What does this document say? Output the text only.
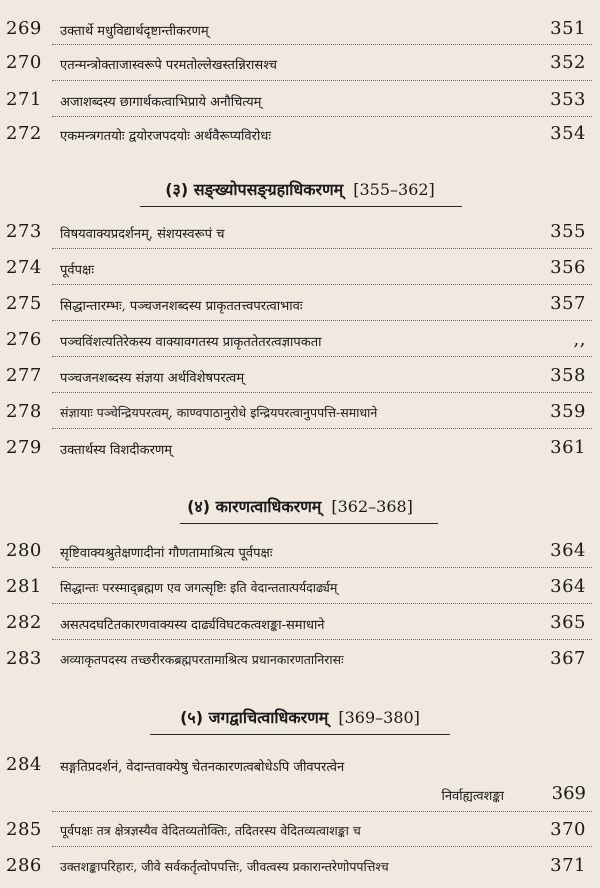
269 उक्तार्थे मधुविद्यार्थदृष्टान्तीकरणम्	351
270 एतन्मन्त्रोक्ताजास्वरूपे परमतोल्लेखस्तन्निरासश्च	352
271 अजाशब्दस्य छागार्थकत्वाभिप्राये अनौचित्यम्	353
272 एकमन्त्रगतयोः द्वयोरजपदयोः अर्थवैरूप्यविरोधः	354
(३) सङ्ख्योपसङ्ग्रहाधिकरणम् [355–362]
273 विषयवाक्यप्रदर्शनम्, संशयस्वरूपं च	355
274 पूर्वपक्षः	356
275 सिद्धान्तारम्भः, पञ्चजनशब्दस्य प्राकृततत्त्वपरत्वाभावः	357
276 पञ्चविंशत्यतिरेकस्य वाक्यावगतस्य प्राकृततेतरत्वज्ञापकता	,,
277 पञ्चजनशब्दस्य संज्ञया अर्थविशेषपरत्वम्	358
278 संज्ञायाः पञ्चेन्द्रियपरत्वम्, काण्वपाठानुरोधे इन्द्रियपरत्वानुपपत्ति-समाधाने	359
279 उक्तार्थस्य विशदीकरणम्	361
(४) कारणत्वाधिकरणम् [362–368]
280 सृष्टिवाक्यश्रुतेक्षणादीनां गौणतामाश्रित्य पूर्वपक्षः	364
281 सिद्धान्तः परस्माद्ब्रह्मण एव जगत्सृष्टिः इति वेदान्ततात्पर्यदार्ढ्यम्	364
282 असत्पदघटितकारणवाक्यस्य दार्ढ्यविघटकत्वशङ्का-समाधाने	365
283 अव्याकृतपदस्य तच्छरीरकब्रह्मपरतामाश्रित्य प्रधानकारणतानिरासः	367
(५) जगद्वाचित्वाधिकरणम् [369–380]
284 सङ्गतिप्रदर्शनं, वेदान्तवाक्येषु चेतनकारणत्वबोधेऽपि जीवपरत्वेन
निर्वाह्यत्वशङ्का	369
285 पूर्वपक्षः तत्र क्षेत्रज्ञस्यैव वेदितव्यतोक्तिः, तदितरस्य वेदितव्यत्वाशङ्का च	370
286 उक्तशङ्कापरिहारः, जीवे सर्वकर्तृत्वोपपत्तिः, जीवत्वस्य प्रकारान्तरेणोपपत्तिश्च	371
